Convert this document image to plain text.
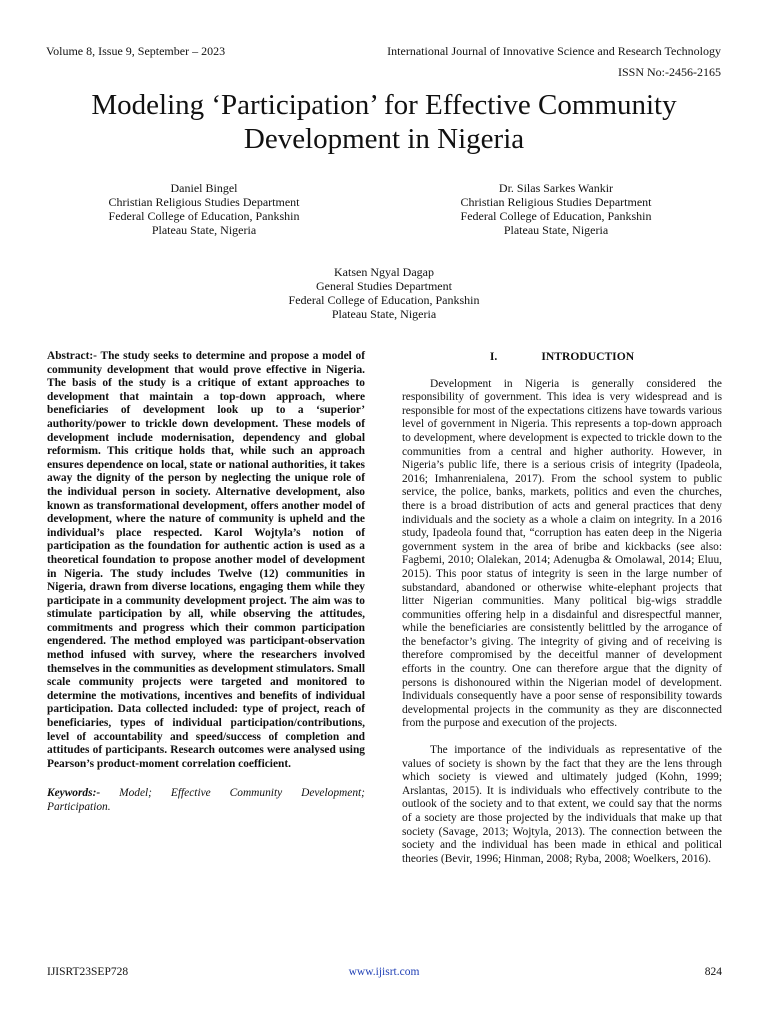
Volume 8, Issue 9, September – 2023	International Journal of Innovative Science and Research Technology
ISSN No:-2456-2165
Modeling ‘Participation’ for Effective Community Development in Nigeria
Daniel Bingel
Christian Religious Studies Department
Federal College of Education, Pankshin
Plateau State, Nigeria
Dr. Silas Sarkes Wankir
Christian Religious Studies Department
Federal College of Education, Pankshin
Plateau State, Nigeria
Katsen Ngyal Dagap
General Studies Department
Federal College of Education, Pankshin
Plateau State, Nigeria

Abstract:- The study seeks to determine and propose a model of community development that would prove effective in Nigeria. The basis of the study is a critique of extant approaches to development that maintain a top-down approach, where beneficiaries of development look up to a ‘superior’ authority/power to trickle down development. These models of development include modernisation, dependency and global reformism. This critique holds that, while such an approach ensures dependence on local, state or national authorities, it takes away the dignity of the person by neglecting the unique role of the individual person in society. Alternative development, also known as transformational development, offers another model of development, where the nature of community is upheld and the individual’s place respected. Karol Wojtyla’s notion of participation as the foundation for authentic action is used as a theoretical foundation to propose another model of development in Nigeria. The study includes Twelve (12) communities in Nigeria, drawn from diverse locations, engaging them while they participate in a community development project. The aim was to stimulate participation by all, while observing the attitudes, commitments and progress which their common participation engendered. The method employed was participant-observation method infused with survey, where the researchers involved themselves in the communities as development stimulators. Small scale community projects were targeted and monitored to determine the motivations, incentives and benefits of individual participation. Data collected included: type of project, reach of beneficiaries, types of individual participation/contributions, level of accountability and speed/success of completion and attitudes of participants. Research outcomes were analysed using Pearson’s product-moment correlation coefficient.

Keywords:- Model; Effective Community Development; Participation.

I.	INTRODUCTION

Development in Nigeria is generally considered the responsibility of government. This idea is very widespread and is responsible for most of the expectations citizens have towards various level of government in Nigeria. This represents a top-down approach to development, where development is expected to trickle down to the communities from a central and higher authority. However, in Nigeria’s public life, there is a serious crisis of integrity (Ipadeola, 2016; Imhanrenialena, 2017). From the school system to public service, the police, banks, markets, politics and even the churches, there is a broad distribution of acts and general practices that deny individuals and the society as a whole a claim on integrity. In a 2016 study, Ipadeola found that, “corruption has eaten deep in the Nigeria government system in the area of bribe and kickbacks (see also: Fagbemi, 2010; Olalekan, 2014; Adenugba & Omolawal, 2014; Eluu, 2015). This poor status of integrity is seen in the large number of substandard, abandoned or otherwise white-elephant projects that litter Nigerian communities. Many political big-wigs straddle communities offering help in a disdainful and disrespectful manner, while the beneficiaries are consistently belittled by the arrogance of the benefactor’s giving. The integrity of giving and of receiving is therefore compromised by the deceitful manner of development efforts in the country. One can therefore argue that the dignity of persons is dishonoured within the Nigerian model of development. Individuals consequently have a poor sense of responsibility towards developmental projects in the community as they are disconnected from the purpose and execution of the projects.

The importance of the individuals as representative of the values of society is shown by the fact that they are the lens through which society is viewed and ultimately judged (Kohn, 1999; Arslantas, 2015). It is individuals who effectively contribute to the outlook of the society and to that extent, we could say that the norms of a society are those projected by the individuals that make up that society (Savage, 2013; Wojtyla, 2013). The connection between the society and the individual has been made in ethical and political theories (Bevir, 1996; Hinman, 2008; Ryba, 2008; Woelkers, 2016).

IJISRT23SEP728	www.ijisrt.com	824
